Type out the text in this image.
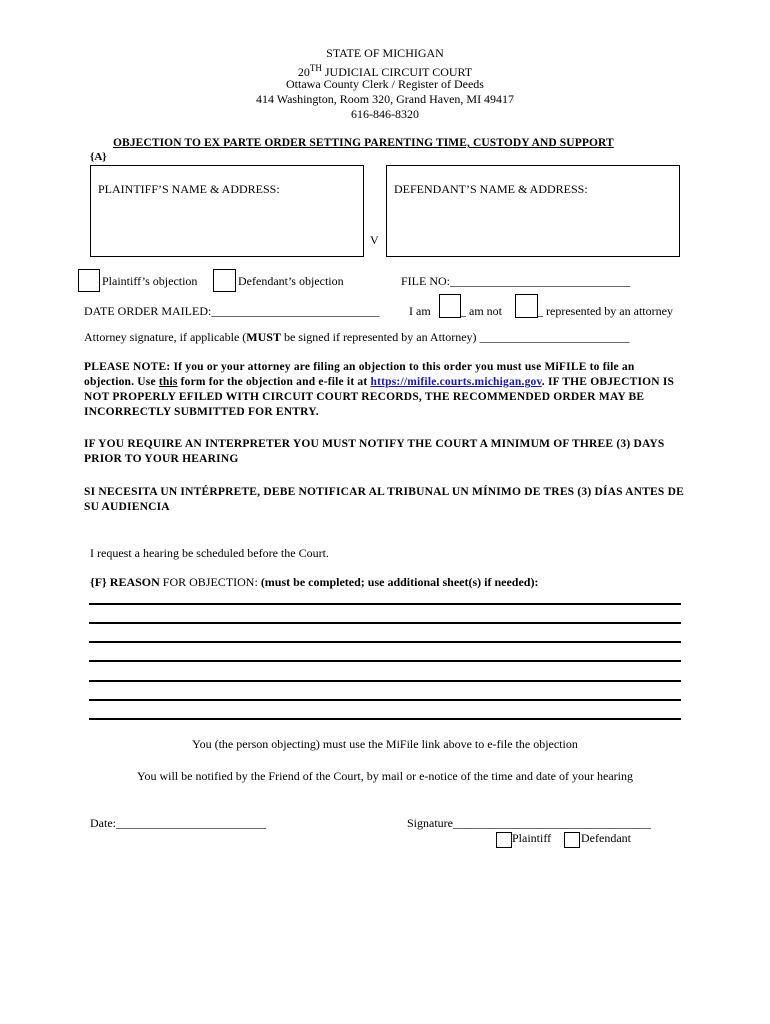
STATE OF MICHIGAN
20TH JUDICIAL CIRCUIT COURT
Ottawa County Clerk / Register of Deeds
414 Washington, Room 320, Grand Haven, MI 49417
616-846-8320
OBJECTION TO EX PARTE ORDER SETTING PARENTING TIME, CUSTODY AND SUPPORT
{A}
PLAINTIFF’S NAME & ADDRESS:
V
DEFENDANT’S NAME & ADDRESS:
Plaintiff’s objection	Defendant’s objection	FILE NO:______________________________
DATE ORDER MAILED:____________________________ I am _ am not	_ represented by an attorney
Attorney signature, if applicable (MUST be signed if represented by an Attorney) _________________________
PLEASE NOTE: If you or your attorney are filing an objection to this order you must use MiFILE to file an objection. Use this form for the objection and e-file it at https://mifile.courts.michigan.gov. IF THE OBJECTION IS NOT PROPERLY EFILED WITH CIRCUIT COURT RECORDS, THE RECOMMENDED ORDER MAY BE INCORRECTLY SUBMITTED FOR ENTRY.
IF YOU REQUIRE AN INTERPRETER YOU MUST NOTIFY THE COURT A MINIMUM OF THREE (3) DAYS PRIOR TO YOUR HEARING
SI NECESITA UN INTÉRPRETE, DEBE NOTIFICAR AL TRIBUNAL UN MÍNIMO DE TRES (3) DÍAS ANTES DE SU AUDIENCIA
I request a hearing be scheduled before the Court.
{F} REASON FOR OBJECTION: (must be completed; use additional sheet(s) if needed):
You (the person objecting) must use the MiFile link above to e-file the objection
You will be notified by the Friend of the Court, by mail or e-notice of the time and date of your hearing
Date:_________________________	Signature_________________________________
Plaintiff Defendant
